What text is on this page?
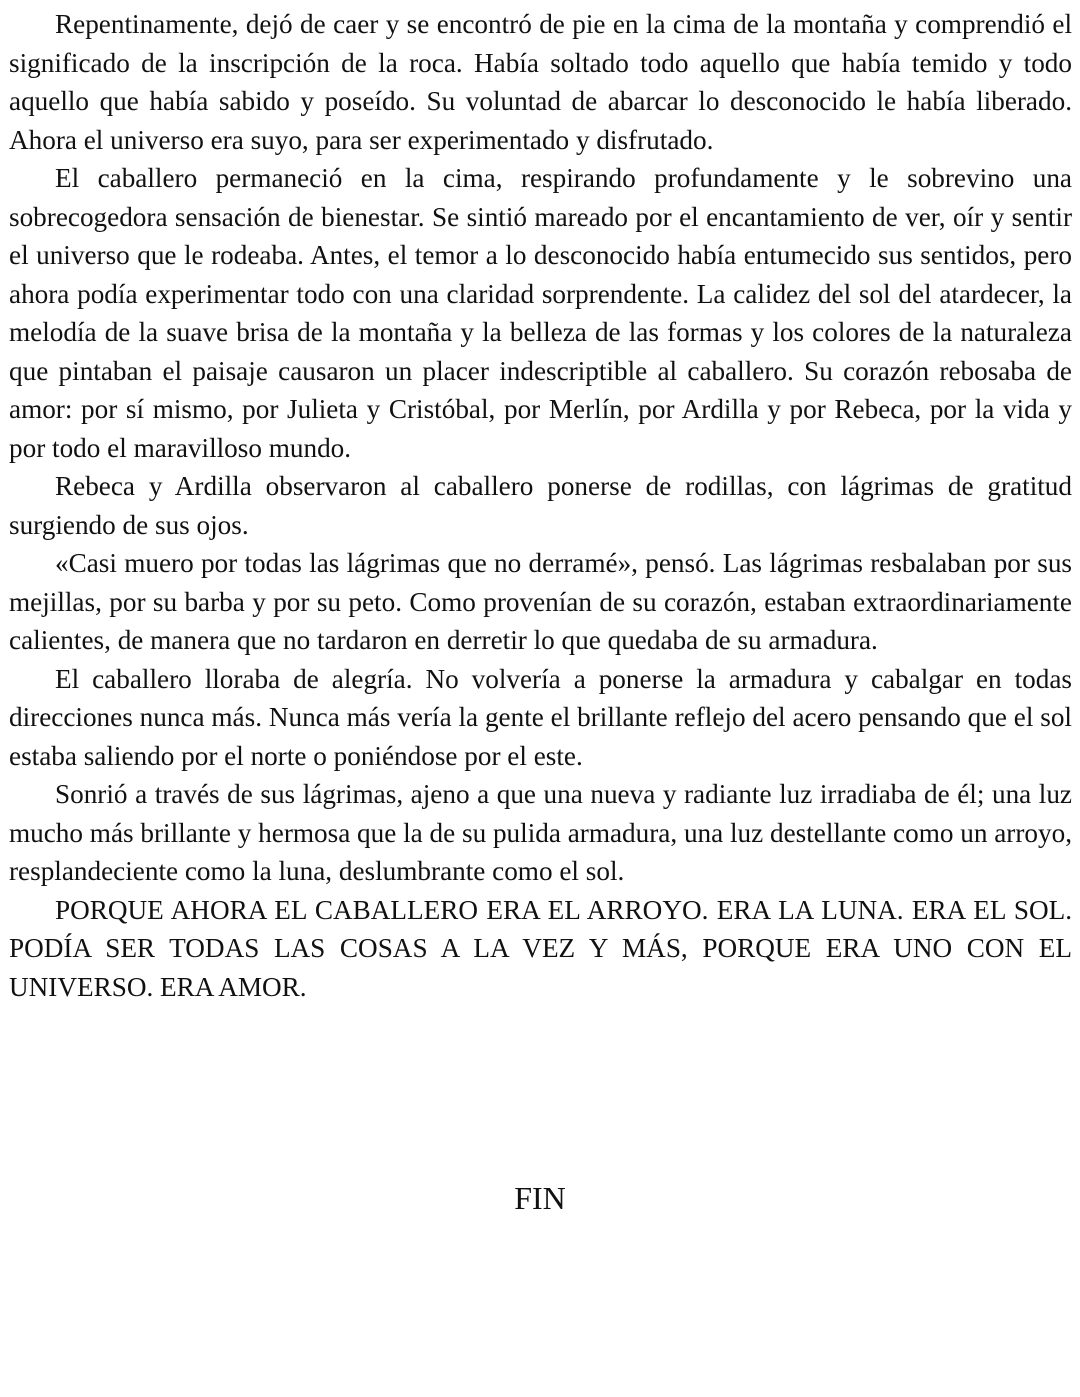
Repentinamente, dejó de caer y se encontró de pie en la cima de la montaña y comprendió el significado de la inscripción de la roca. Había soltado todo aquello que había temido y todo aquello que había sabido y poseído. Su voluntad de abarcar lo desconocido le había liberado. Ahora el universo era suyo, para ser experimentado y disfrutado.

El caballero permaneció en la cima, respirando profundamente y le sobrevino una sobrecogedora sensación de bienestar. Se sintió mareado por el encantamiento de ver, oír y sentir el universo que le rodeaba. Antes, el temor a lo desconocido había entumecido sus sentidos, pero ahora podía experimentar todo con una claridad sorprendente. La calidez del sol del atardecer, la melodía de la suave brisa de la montaña y la belleza de las formas y los colores de la naturaleza que pintaban el paisaje causaron un placer indescriptible al caballero. Su corazón rebosaba de amor: por sí mismo, por Julieta y Cristóbal, por Merlín, por Ardilla y por Rebeca, por la vida y por todo el maravilloso mundo.

Rebeca y Ardilla observaron al caballero ponerse de rodillas, con lágrimas de gratitud surgiendo de sus ojos.

«Casi muero por todas las lágrimas que no derramé», pensó. Las lágrimas resbalaban por sus mejillas, por su barba y por su peto. Como provenían de su corazón, estaban extraordinariamente calientes, de manera que no tardaron en derretir lo que quedaba de su armadura.

El caballero lloraba de alegría. No volvería a ponerse la armadura y cabalgar en todas direcciones nunca más. Nunca más vería la gente el brillante reflejo del acero pensando que el sol estaba saliendo por el norte o poniéndose por el este.

Sonrió a través de sus lágrimas, ajeno a que una nueva y radiante luz irradiaba de él; una luz mucho más brillante y hermosa que la de su pulida armadura, una luz destellante como un arroyo, resplandeciente como la luna, deslumbrante como el sol.

PORQUE AHORA EL CABALLERO ERA EL ARROYO. ERA LA LUNA. ERA EL SOL. PODÍA SER TODAS LAS COSAS A LA VEZ Y MÁS, PORQUE ERA UNO CON EL UNIVERSO. ERA AMOR.

FIN
